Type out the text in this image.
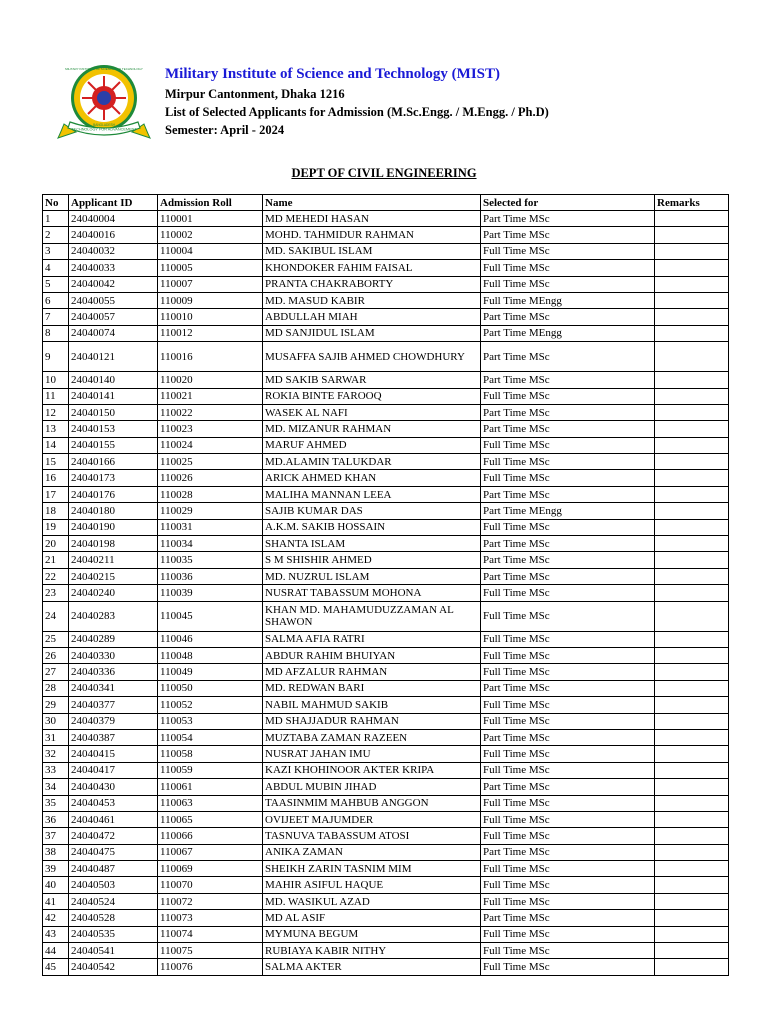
TECHNOLOGY FOR ADVANCEMENT
MILITARY INSTITUTE OF SCIENCE AND TECHNOLOGY
BANGLADESH
Military Institute of Science and Technology (MIST)
Mirpur Cantonment, Dhaka 1216
List of Selected Applicants for Admission (M.Sc.Engg. / M.Engg. / Ph.D)
Semester: April - 2024
DEPT OF CIVIL ENGINEERING
No	Applicant ID	Admission Roll	Name	Selected for	Remarks
1	24040004	110001	MD MEHEDI HASAN	Part Time MSc	
2	24040016	110002	MOHD. TAHMIDUR RAHMAN	Part Time MSc	
3	24040032	110004	MD. SAKIBUL ISLAM	Full Time MSc	
4	24040033	110005	KHONDOKER FAHIM FAISAL	Full Time MSc	
5	24040042	110007	PRANTA CHAKRABORTY	Full Time MSc	
6	24040055	110009	MD. MASUD KABIR	Full Time MEngg	
7	24040057	110010	ABDULLAH MIAH	Part Time MSc	
8	24040074	110012	MD SANJIDUL ISLAM	Part Time MEngg	
9	24040121	110016	MUSAFFA SAJIB AHMED CHOWDHURY	Part Time MSc	
10	24040140	110020	MD SAKIB SARWAR	Part Time MSc	
11	24040141	110021	ROKIA BINTE FAROOQ	Full Time MSc	
12	24040150	110022	WASEK AL NAFI	Part Time MSc	
13	24040153	110023	MD. MIZANUR RAHMAN	Part Time MSc	
14	24040155	110024	MARUF AHMED	Full Time MSc	
15	24040166	110025	MD.ALAMIN TALUKDAR	Full Time MSc	
16	24040173	110026	ARICK AHMED KHAN	Full Time MSc	
17	24040176	110028	MALIHA MANNAN LEEA	Part Time MSc	
18	24040180	110029	SAJIB KUMAR DAS	Part Time MEngg	
19	24040190	110031	A.K.M. SAKIB HOSSAIN	Full Time MSc	
20	24040198	110034	SHANTA ISLAM	Part Time MSc	
21	24040211	110035	S M SHISHIR AHMED	Part Time MSc	
22	24040215	110036	MD. NUZRUL ISLAM	Part Time MSc	
23	24040240	110039	NUSRAT TABASSUM MOHONA	Full Time MSc	
24	24040283	110045	KHAN MD. MAHAMUDUZZAMAN AL SHAWON	Full Time MSc	
25	24040289	110046	SALMA AFIA RATRI	Full Time MSc	
26	24040330	110048	ABDUR RAHIM BHUIYAN	Full Time MSc	
27	24040336	110049	MD AFZALUR RAHMAN	Full Time MSc	
28	24040341	110050	MD. REDWAN BARI	Part Time MSc	
29	24040377	110052	NABIL MAHMUD SAKIB	Full Time MSc	
30	24040379	110053	MD SHAJJADUR RAHMAN	Full Time MSc	
31	24040387	110054	MUZTABA ZAMAN RAZEEN	Part Time MSc	
32	24040415	110058	NUSRAT JAHAN IMU	Full Time MSc	
33	24040417	110059	KAZI KHOHINOOR AKTER KRIPA	Full Time MSc	
34	24040430	110061	ABDUL MUBIN JIHAD	Part Time MSc	
35	24040453	110063	TAASINMIM MAHBUB ANGGON	Full Time MSc	
36	24040461	110065	OVIJEET MAJUMDER	Full Time MSc	
37	24040472	110066	TASNUVA TABASSUM ATOSI	Full Time MSc	
38	24040475	110067	ANIKA ZAMAN	Part Time MSc	
39	24040487	110069	SHEIKH ZARIN TASNIM MIM	Full Time MSc	
40	24040503	110070	MAHIR ASIFUL HAQUE	Full Time MSc	
41	24040524	110072	MD. WASIKUL AZAD	Full Time MSc	
42	24040528	110073	MD AL ASIF	Part Time MSc	
43	24040535	110074	MYMUNA BEGUM	Full Time MSc	
44	24040541	110075	RUBIAYA KABIR NITHY	Full Time MSc	
45	24040542	110076	SALMA AKTER	Full Time MSc	
